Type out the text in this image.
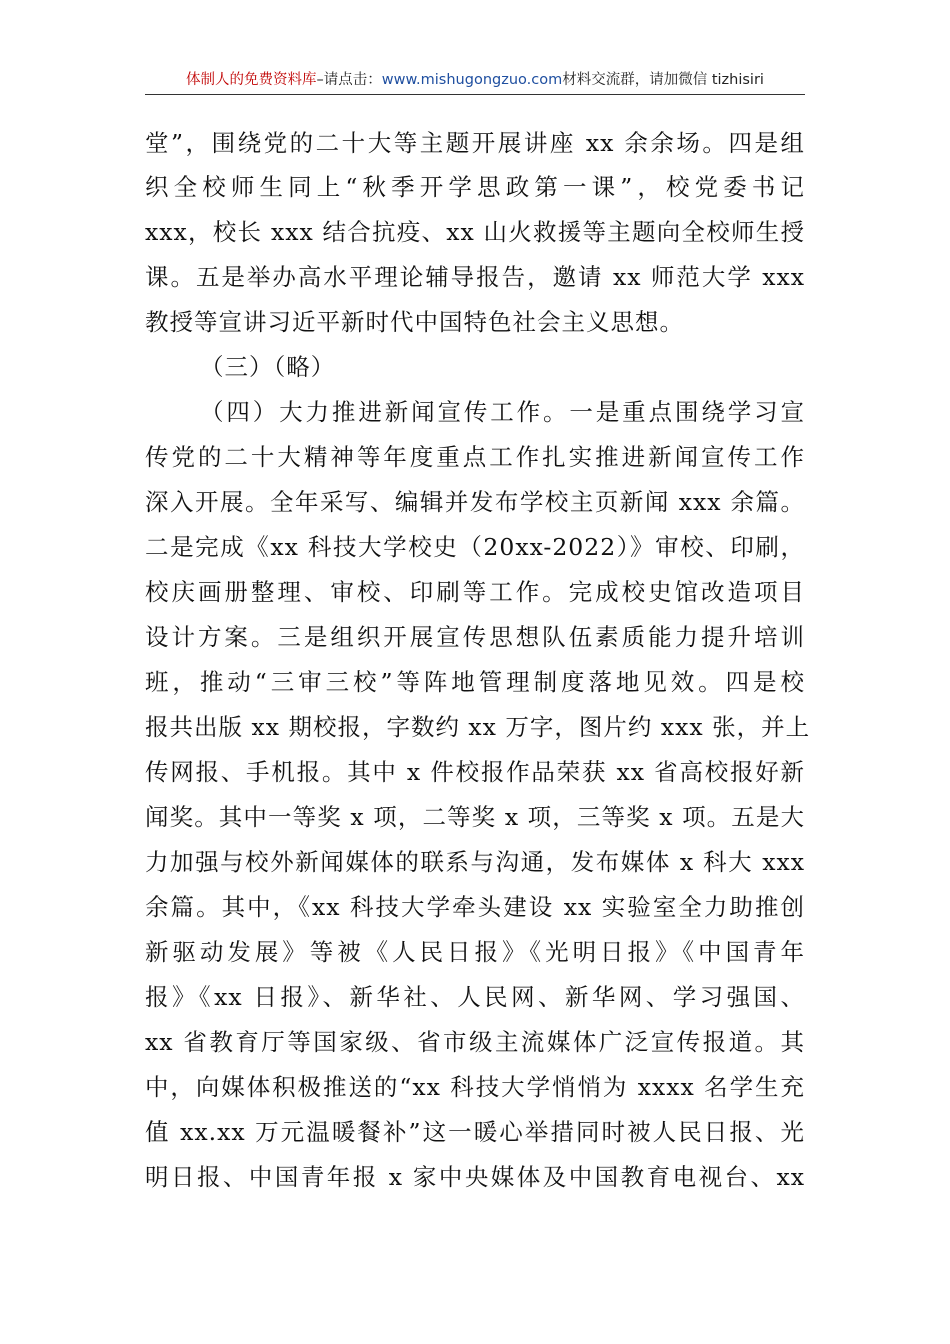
体制人的免费资料库–请点击：www.mishugongzuo.com材料交流群，请加微信 tizhisiri
堂”，围绕党的二十大等主题开展讲座 xx 余余场。四是组
织全校师生同上“秋季开学思政第一课”，校党委书记
xxx，校长 xxx 结合抗疫、xx 山火救援等主题向全校师生授
课。五是举办高水平理论辅导报告，邀请 xx 师范大学 xxx
教授等宣讲习近平新时代中国特色社会主义思想。
（三）（略）
（四）大力推进新闻宣传工作。一是重点围绕学习宣
传党的二十大精神等年度重点工作扎实推进新闻宣传工作
深入开展。全年采写、编辑并发布学校主页新闻 xxx 余篇。
二是完成《xx 科技大学校史（20xx-2022）》审校、印刷，
校庆画册整理、审校、印刷等工作。完成校史馆改造项目
设计方案。三是组织开展宣传思想队伍素质能力提升培训
班，推动“三审三校”等阵地管理制度落地见效。四是校
报共出版 xx 期校报，字数约 xx 万字，图片约 xxx 张，并上
传网报、手机报。其中 x 件校报作品荣获 xx 省高校报好新
闻奖。其中一等奖 x 项，二等奖 x 项，三等奖 x 项。五是大
力加强与校外新闻媒体的联系与沟通，发布媒体 x 科大 xxx
余篇。其中，《xx 科技大学牵头建设 xx 实验室全力助推创
新驱动发展》等被《人民日报》《光明日报》《中国青年
报》《xx 日报》、新华社、人民网、新华网、学习强国、
xx 省教育厅等国家级、省市级主流媒体广泛宣传报道。其
中，向媒体积极推送的“xx 科技大学悄悄为 xxxx 名学生充
值 xx.xx 万元温暖餐补”这一暖心举措同时被人民日报、光
明日报、中国青年报 x 家中央媒体及中国教育电视台、xx
